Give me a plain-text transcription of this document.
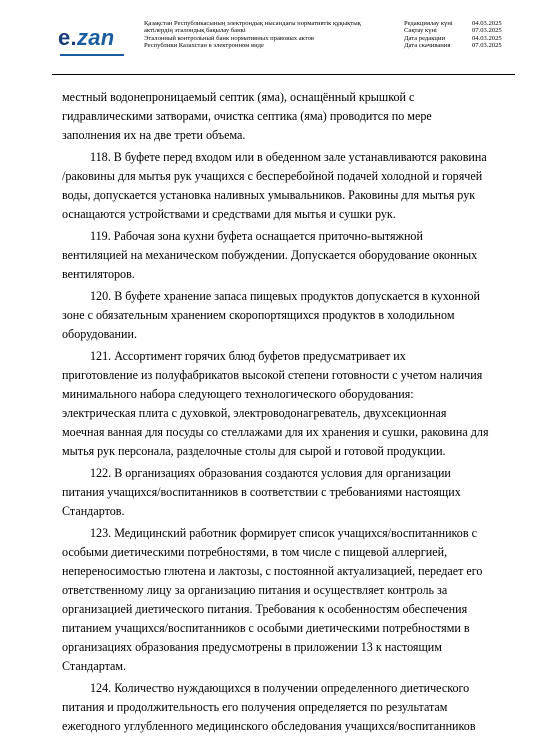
e.zan
Қазақстан Республикасының электрондық нысандағы нормативтік құқықтық
актілердің эталондық бақылау банкі
Эталонный контрольный банк нормативных правовых актов
Республики Казахстан в электронном виде
Редакциялау күні	04.03.2025
Сақтау күні	07.03.2025
Дата редакции	04.03.2025
Дата скачивания	07.03.2025
местный водонепроницаемый септик (яма), оснащённый крышкой с
гидравлическими затворами, очистка септика (яма) проводится по мере
заполнения их на две трети объема.
118. В буфете перед входом или в обеденном зале устанавливаются раковина
/раковины для мытья рук учащихся с бесперебойной подачей холодной и горячей
воды, допускается установка наливных умывальников. Раковины для мытья рук
оснащаются устройствами и средствами для мытья и сушки рук.
119. Рабочая зона кухни буфета оснащается приточно-вытяжной
вентиляцией на механическом побуждении. Допускается оборудование оконных
вентиляторов.
120. В буфете хранение запаса пищевых продуктов допускается в кухонной
зоне с обязательным хранением скоропортящихся продуктов в холодильном
оборудовании.
121. Ассортимент горячих блюд буфетов предусматривает их
приготовление из полуфабрикатов высокой степени готовности с учетом наличия
минимального набора следующего технологического оборудования:
электрическая плита с духовкой, электроводонагреватель, двухсекционная
моечная ванная для посуды со стеллажами для их хранения и сушки, раковина для
мытья рук персонала, разделочные столы для сырой и готовой продукции.
122. В организациях образования создаются условия для организации
питания учащихся/воспитанников в соответствии с требованиями настоящих
Стандартов.
123. Медицинский работник формирует список учащихся/воспитанников с
особыми диетическими потребностями, в том числе с пищевой аллергией,
непереносимостью глютена и лактозы, с постоянной актуализацией, передает его
ответственному лицу за организацию питания и осуществляет контроль за
организацией диетического питания. Требования к особенностям обеспечения
питанием учащихся/воспитанников с особыми диетическими потребностями в
организациях образования предусмотрены в приложении 13 к настоящим
Стандартам.
124. Количество нуждающихся в получении определенного диетического
питания и продолжительность его получения определяется по результатам
ежегодного углубленного медицинского обследования учащихся/воспитанников
